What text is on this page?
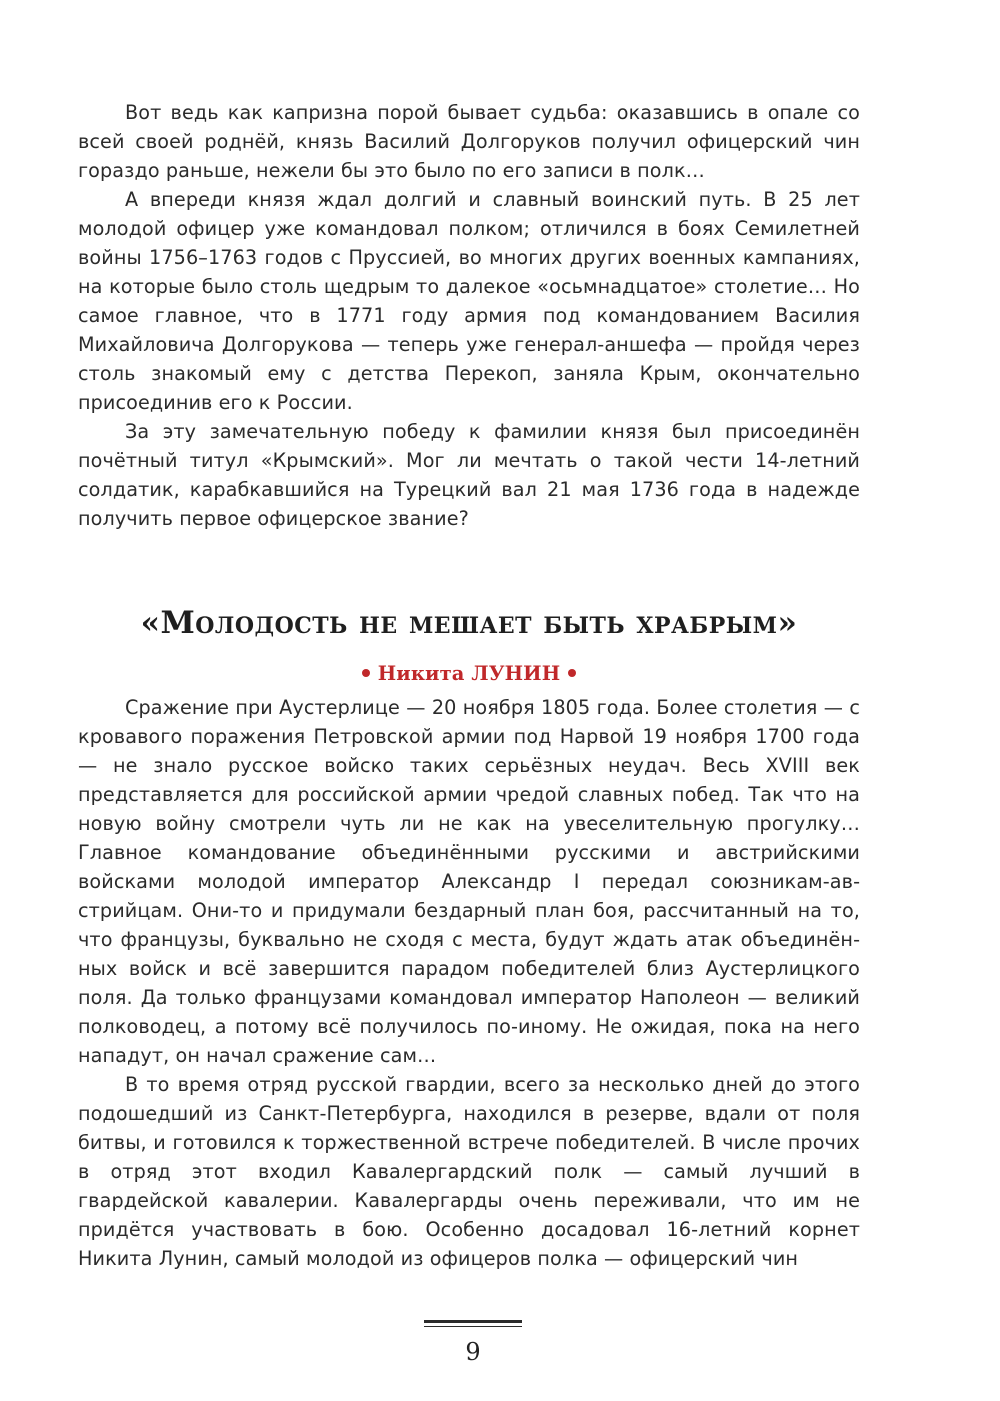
Вот ведь как капризна порой бывает судьба: оказавшись в опале со всей своей роднёй, князь Василий Долгоруков получил офицерский чин гораздо раньше, нежели бы это было по его записи в полк…

А впереди князя ждал долгий и славный воинский путь. В 25 лет молодой офицер уже командовал полком; отличился в боях Семилетней войны 1756–1763 годов с Пруссией, во многих других военных кампаниях, на которые было столь щедрым то далекое «осьмнадцатое» столетие… Но самое главное, что в 1771 году армия под командованием Василия Михайловича Долгорукова — теперь уже генерал-аншефа — пройдя через столь знакомый ему с детства Перекоп, заняла Крым, окончательно присоединив его к России.

За эту замечательную победу к фамилии князя был присоединён почётный титул «Крымский». Мог ли мечтать о такой чести 14-летний солдатик, карабкавшийся на Турецкий вал 21 мая 1736 года в надежде получить первое офицерское звание?

«Молодость не мешает быть храбрым»
Никита ЛУНИН

Сражение при Аустерлице — 20 ноября 1805 года. Более столетия — с кровавого поражения Петровской армии под Нарвой 19 ноября 1700 года — не знало русское войско таких серьёзных неудач. Весь XVIII век представляется для российской армии чредой славных побед. Так что на новую войну смотрели чуть ли не как на увеселительную прогулку… Главное командование объединёнными русскими и австрийскими войсками молодой император Александр I передал союзникам-австрийцам. Они-то и придумали бездарный план боя, рассчитанный на то, что французы, буквально не сходя с места, будут ждать атак объединённых войск и всё завершится парадом победителей близ Аустерлицкого поля. Да только французами командовал император Наполеон — великий полководец, а потому всё получилось по-иному. Не ожидая, пока на него нападут, он начал сражение сам…

В то время отряд русской гвардии, всего за несколько дней до этого подошедший из Санкт-Петербурга, находился в резерве, вдали от поля битвы, и готовился к торжественной встрече победителей. В числе прочих в отряд этот входил Кавалергардский полк — самый лучший в гвардейской кавалерии. Кавалергарды очень переживали, что им не придётся участвовать в бою. Особенно досадовал 16-летний корнет Никита Лунин, самый молодой из офицеров полка — офицерский чин

9
